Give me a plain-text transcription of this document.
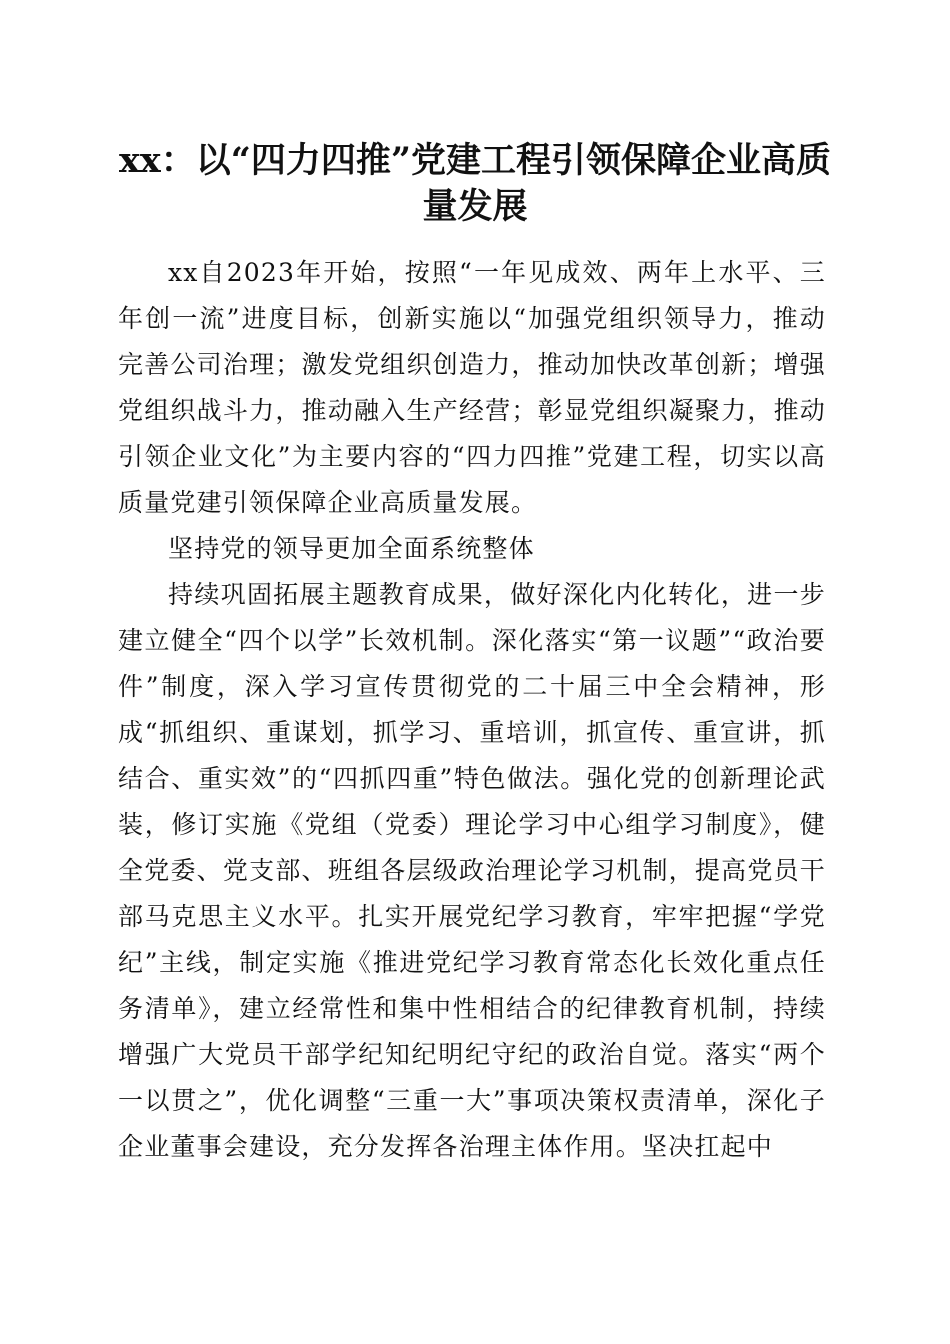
xx：以“四力四推”党建工程引领保障企业高质量发展

xx自2023年开始，按照“一年见成效、两年上水平、三年创一流”进度目标，创新实施以“加强党组织领导力，推动完善公司治理；激发党组织创造力，推动加快改革创新；增强党组织战斗力，推动融入生产经营；彰显党组织凝聚力，推动引领企业文化”为主要内容的“四力四推”党建工程，切实以高质量党建引领保障企业高质量发展。

坚持党的领导更加全面系统整体

持续巩固拓展主题教育成果，做好深化内化转化，进一步建立健全“四个以学”长效机制。深化落实“第一议题”“政治要件”制度，深入学习宣传贯彻党的二十届三中全会精神，形成“抓组织、重谋划，抓学习、重培训，抓宣传、重宣讲，抓结合、重实效”的“四抓四重”特色做法。强化党的创新理论武装，修订实施《党组（党委）理论学习中心组学习制度》，健全党委、党支部、班组各层级政治理论学习机制，提高党员干部马克思主义水平。扎实开展党纪学习教育，牢牢把握“学党纪”主线，制定实施《推进党纪学习教育常态化长效化重点任务清单》，建立经常性和集中性相结合的纪律教育机制，持续增强广大党员干部学纪知纪明纪守纪的政治自觉。落实“两个一以贯之”，优化调整“三重一大”事项决策权责清单，深化子企业董事会建设，充分发挥各治理主体作用。坚决扛起中
